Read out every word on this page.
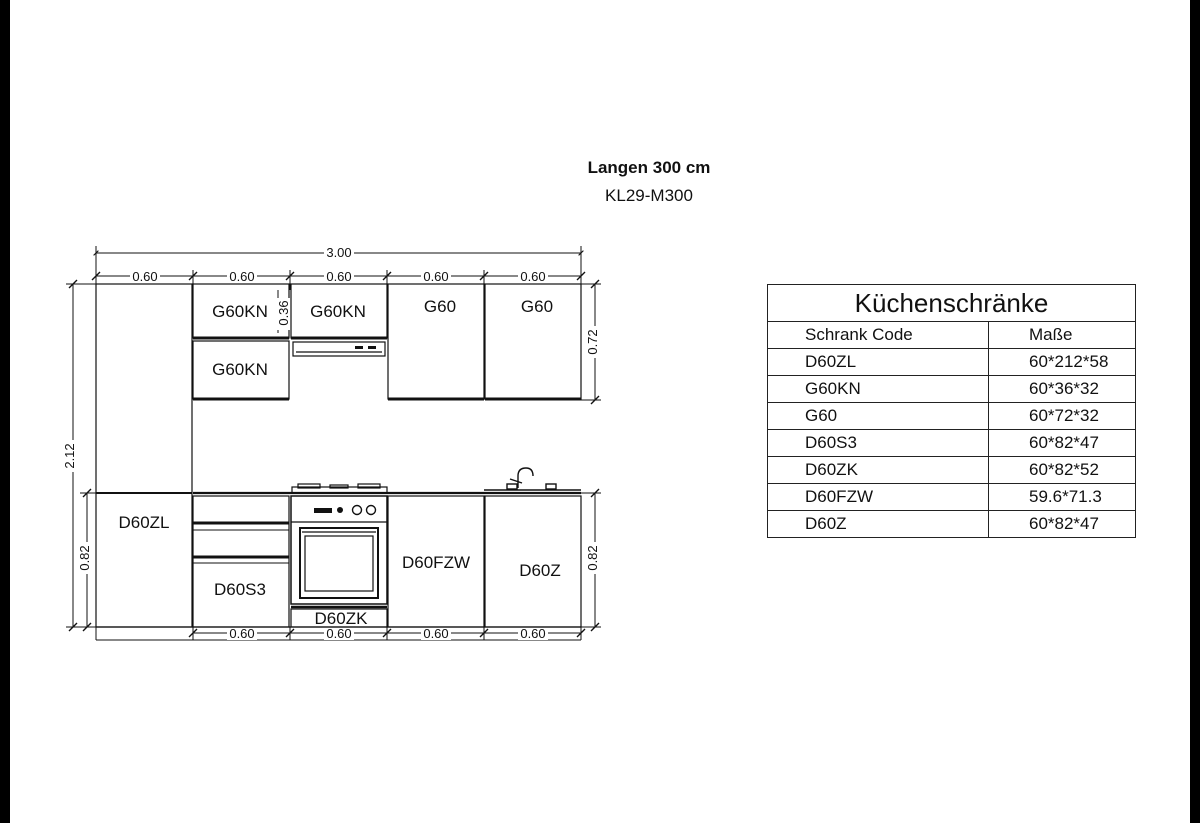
Langen 300 cm
KL29-M300
3.00
0.60	0.60	0.60	0.60	0.60
2.12
0.82
0.72
0.82
0.60	0.60	0.60	0.60
D60ZL
0.36
G60KN
G60KN
G60KN	G60	G60
D60S3
D60ZK
D60FZW	D60Z
Küchenschränke	
Schrank Code	Maße
D60ZL	60*212*58
G60KN	60*36*32
G60	60*72*32
D60S3	60*82*47
D60ZK	60*82*52
D60FZW	59.6*71.3
D60Z	60*82*47
